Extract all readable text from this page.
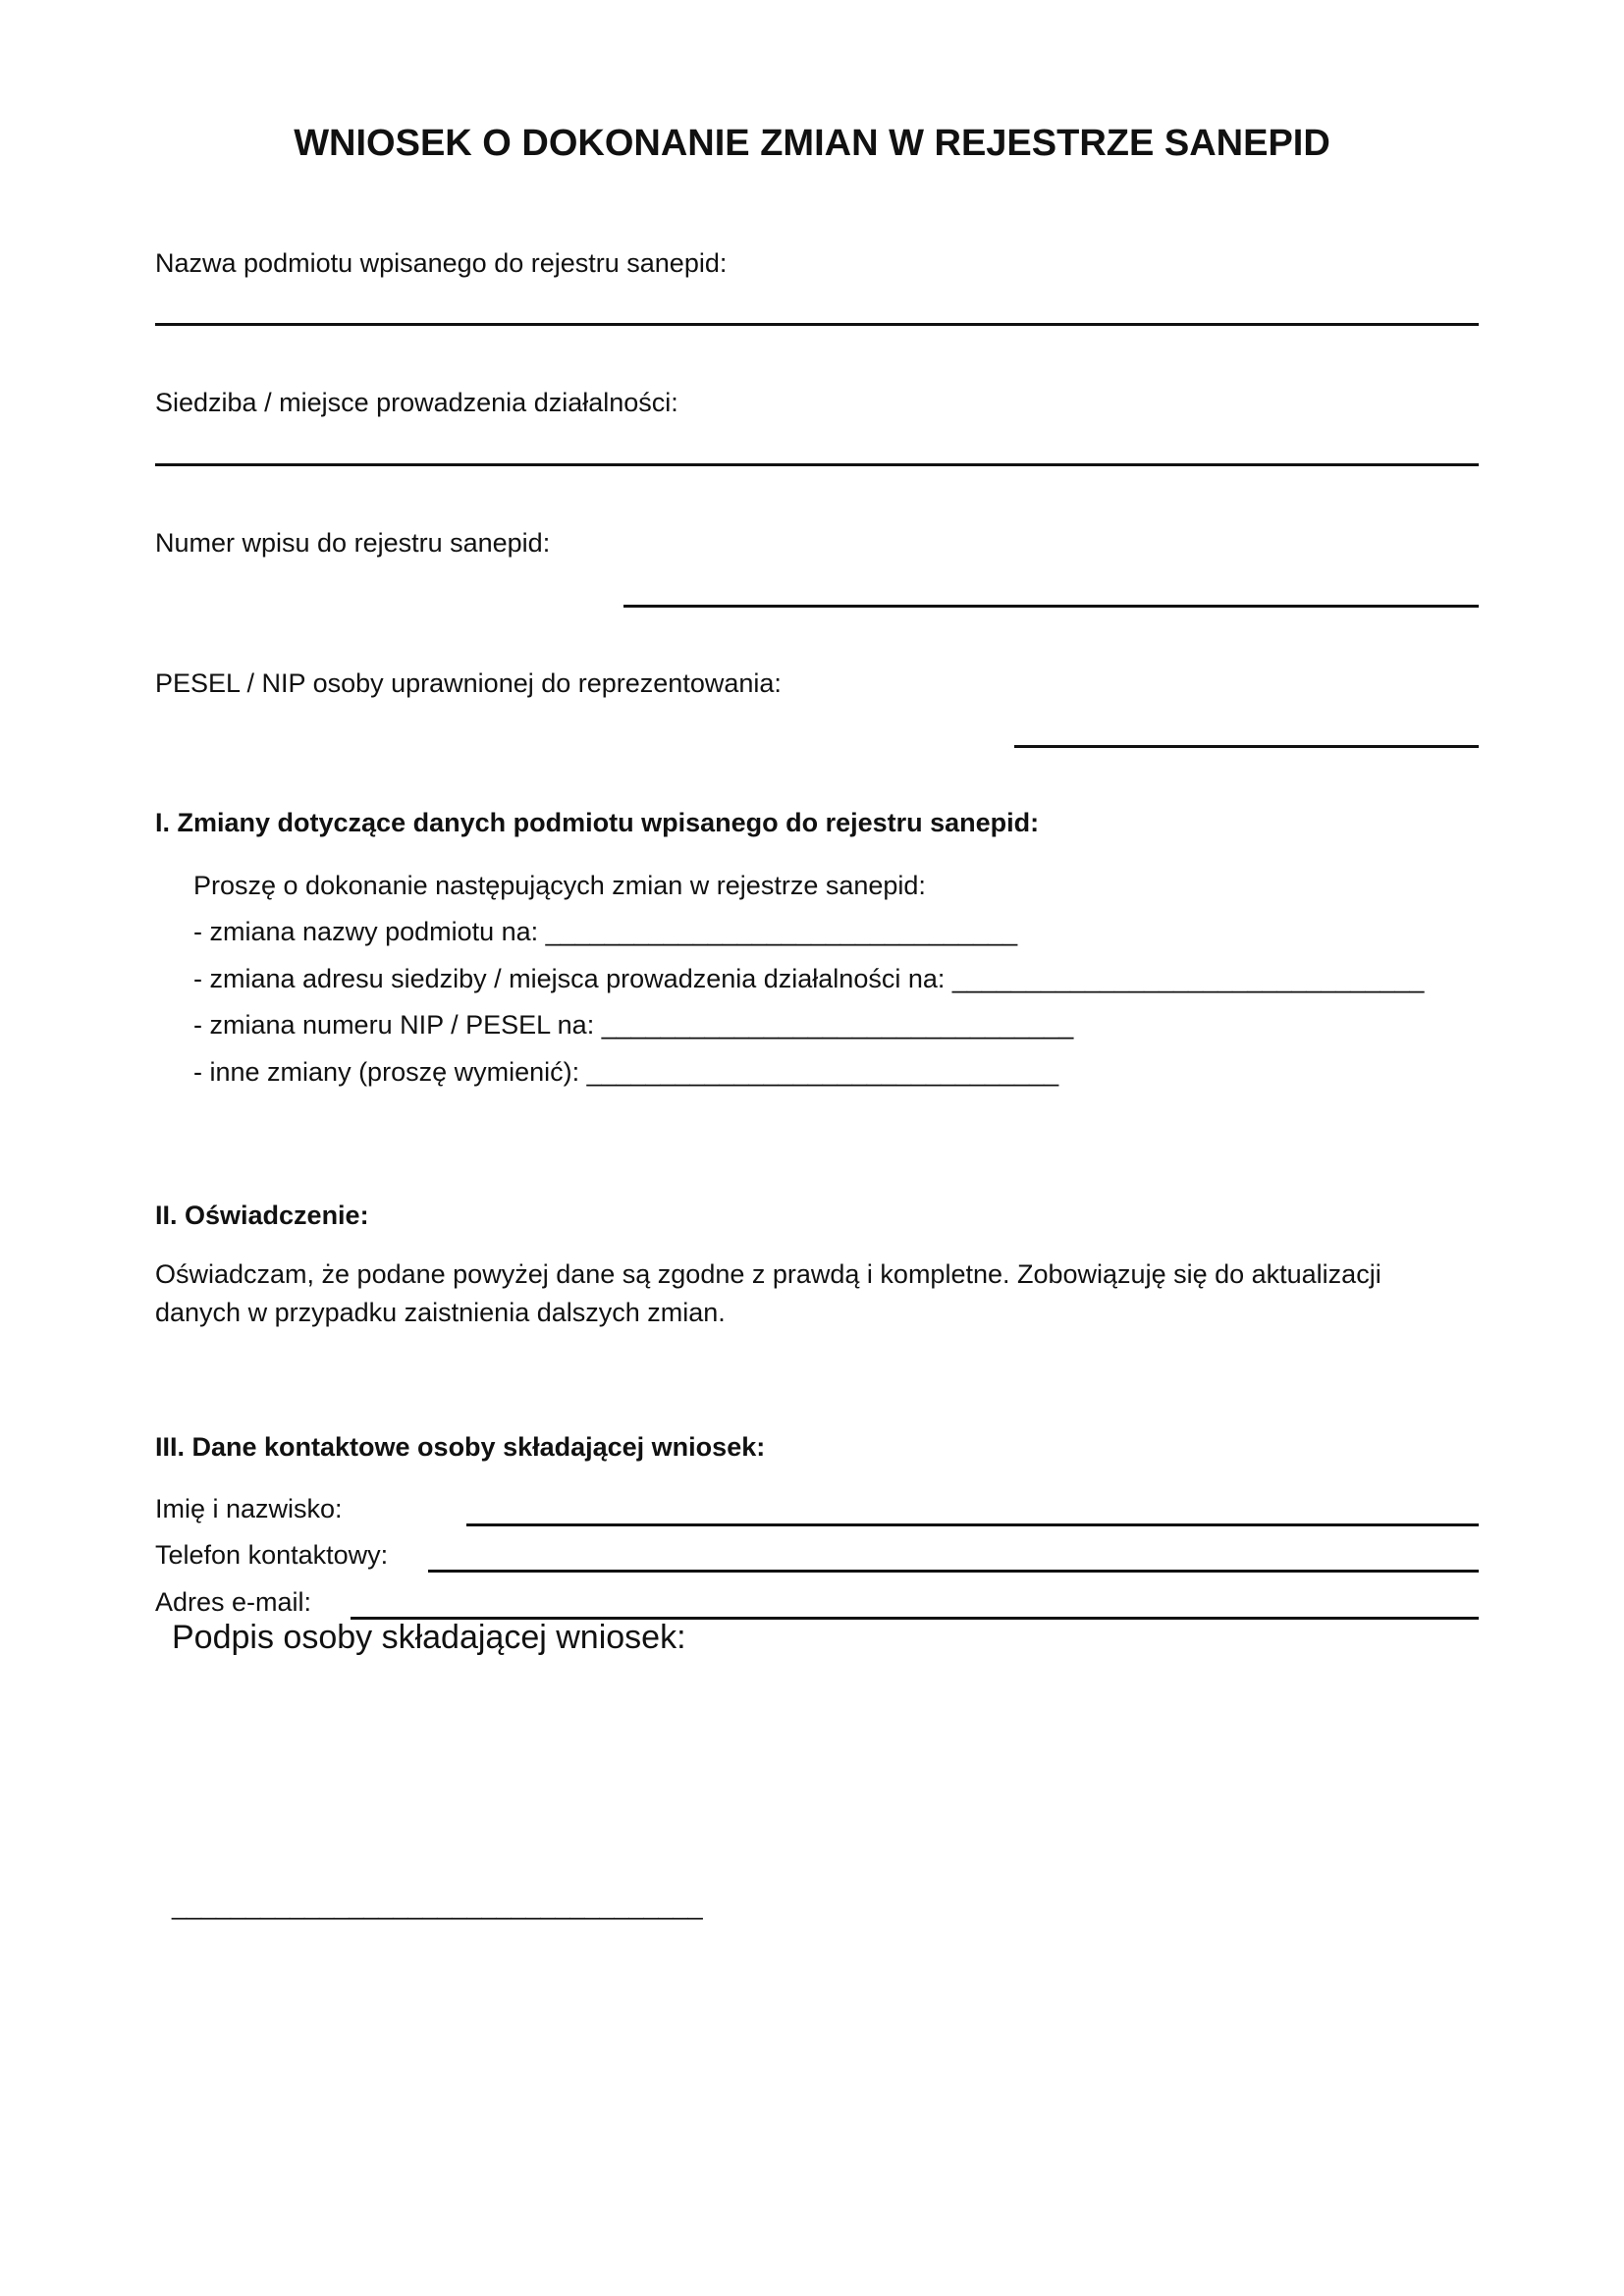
WNIOSEK O DOKONANIE ZMIAN W REJESTRZE SANEPID
Nazwa podmiotu wpisanego do rejestru sanepid:
Siedziba / miejsce prowadzenia działalności:
Numer wpisu do rejestru sanepid:
PESEL / NIP osoby uprawnionej do reprezentowania:
I. Zmiany dotyczące danych podmiotu wpisanego do rejestru sanepid:
Proszę o dokonanie następujących zmian w rejestrze sanepid:
- zmiana nazwy podmiotu na: ________________________________
- zmiana adresu siedziby / miejsca prowadzenia działalności na: ________________________________
- zmiana numeru NIP / PESEL na: ________________________________
- inne zmiany (proszę wymienić): ________________________________
II. Oświadczenie:
Oświadczam, że podane powyżej dane są zgodne z prawdą i kompletne. Zobowiązuję się do aktualizacji
danych w przypadku zaistnienia dalszych zmian.
III. Dane kontaktowe osoby składającej wniosek:
Imię i nazwisko:
Telefon kontaktowy:
Adres e-mail:
Podpis osoby składającej wniosek:
____________________________________
